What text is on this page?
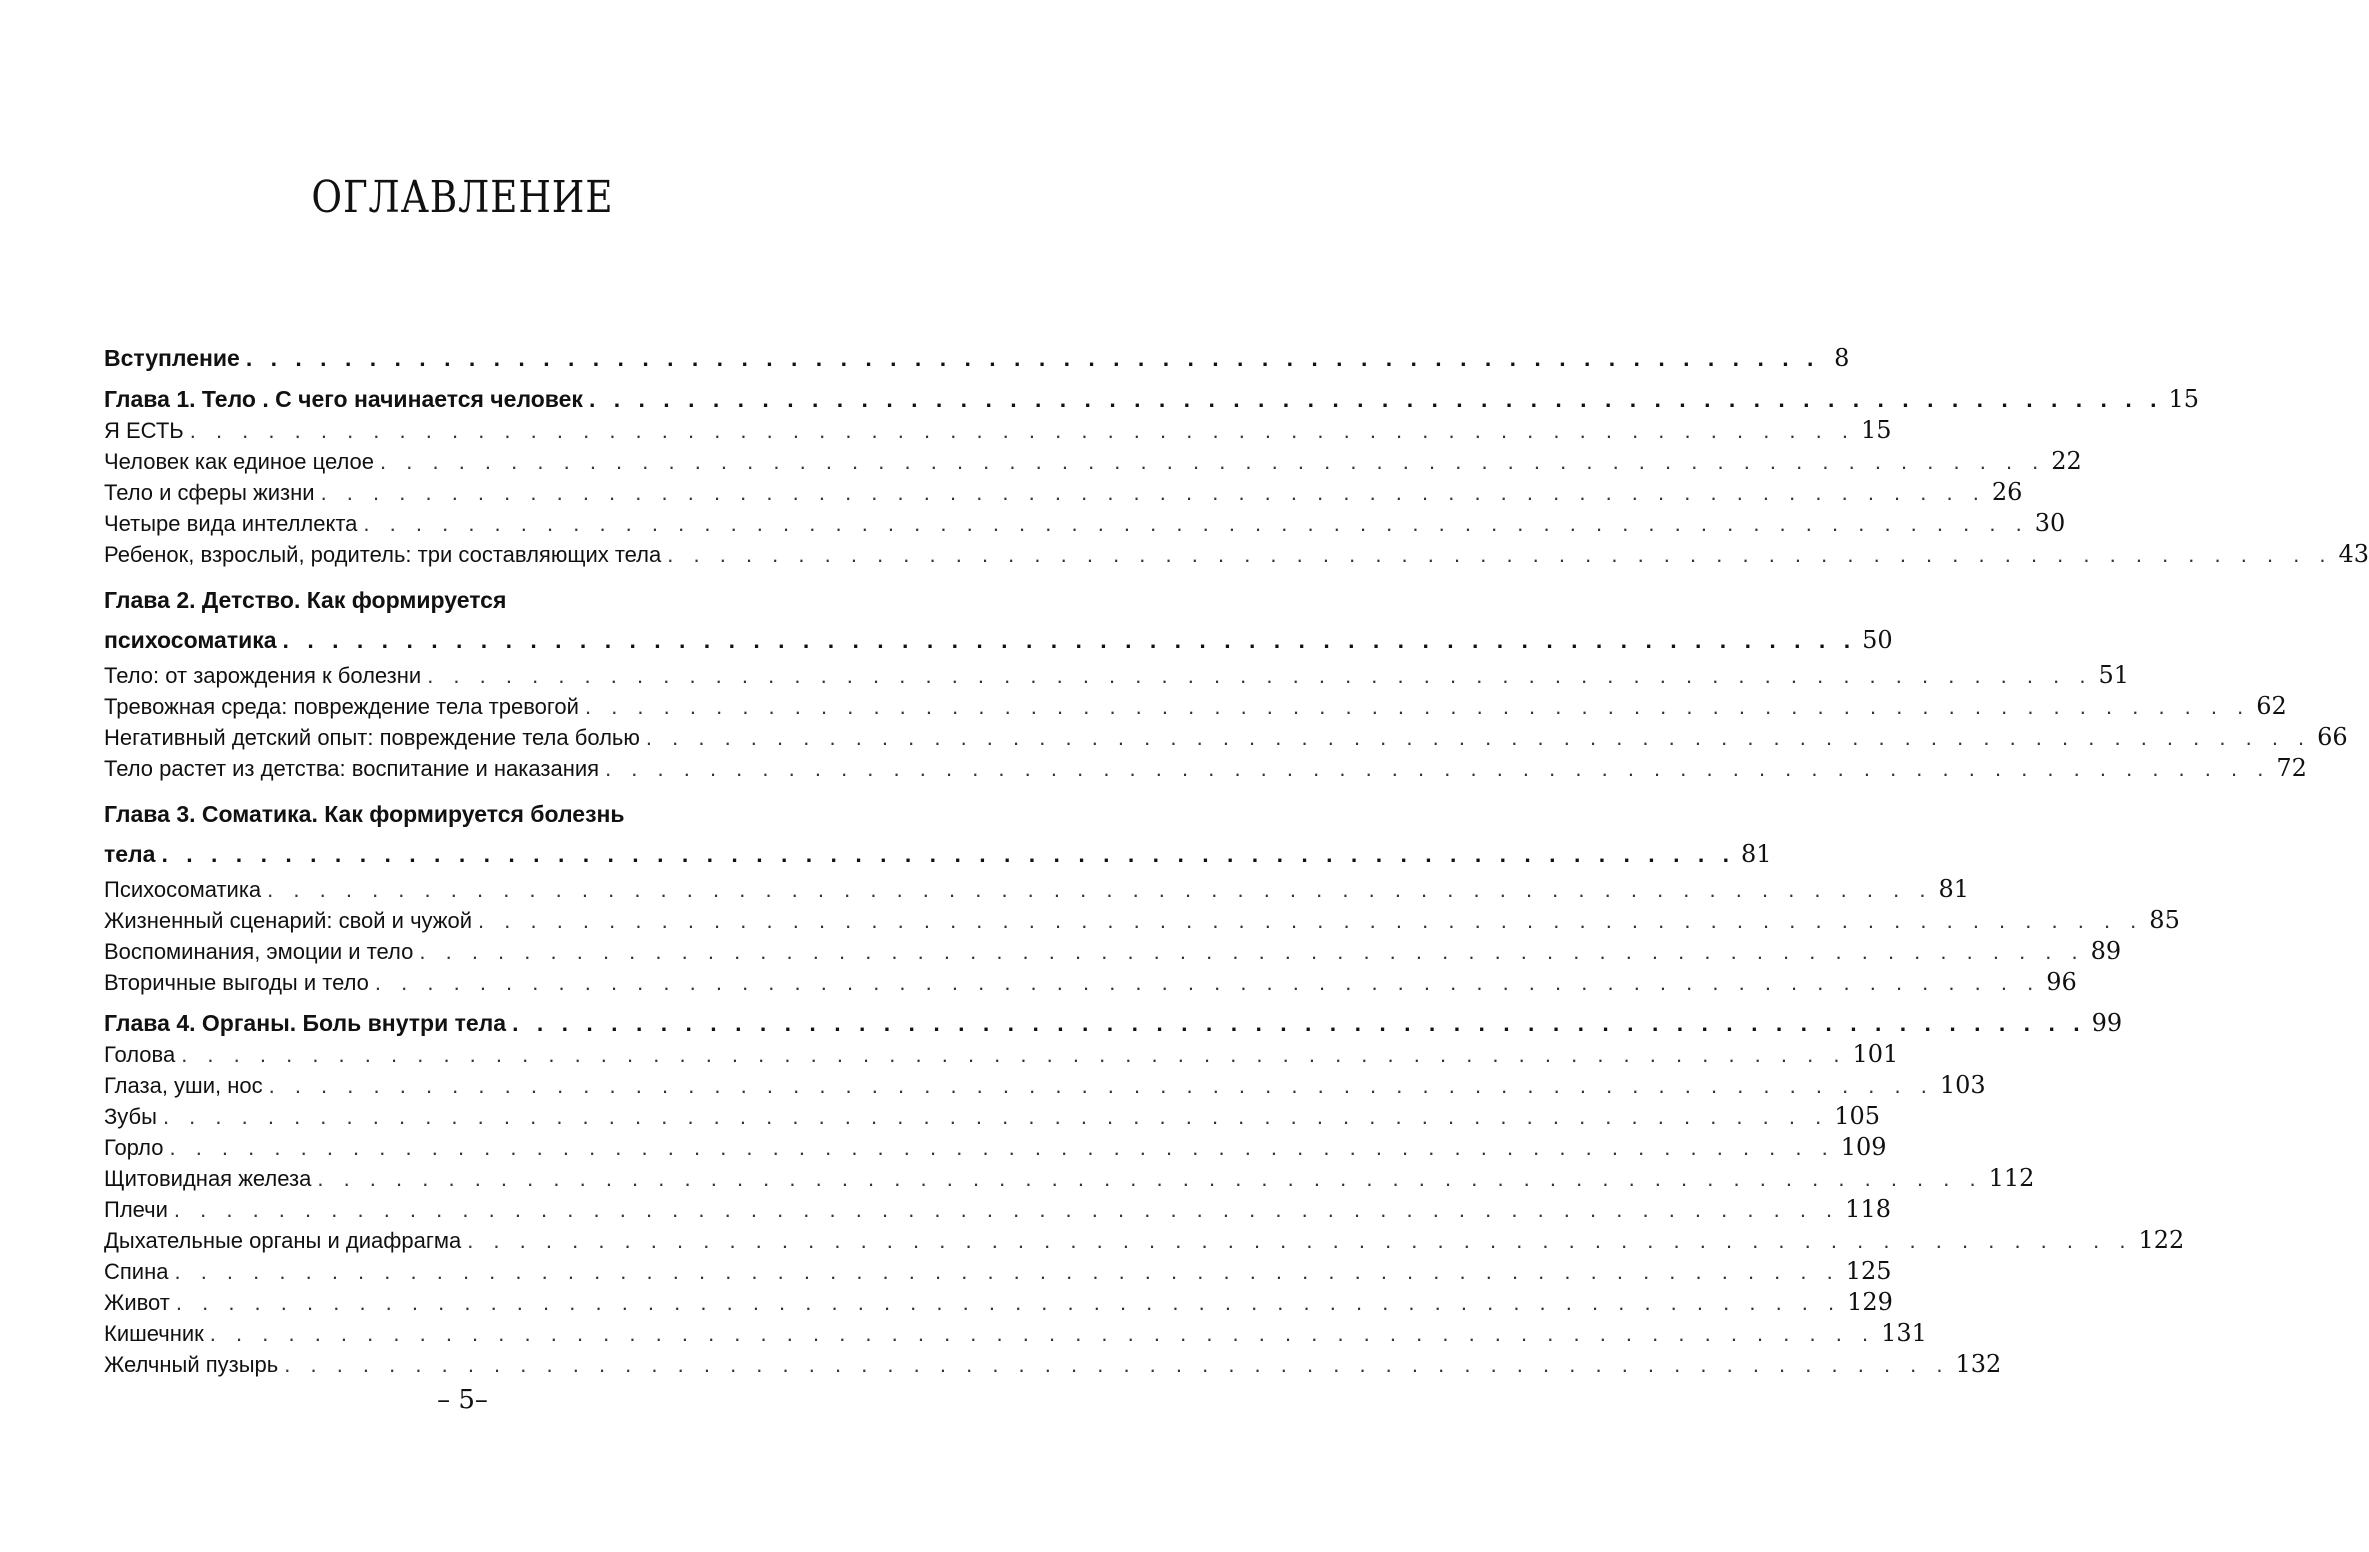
ОГЛАВЛЕНИЕ
Вступление . . . . . . . . . . . . . . . . . . . . . . . . . . . . . . . . . . . . . . . . . . . . . . . . . . . . . . . . . . . . . . . . 8
Глава 1. Тело . С чего начинается человек . . . . . . . . . . . . . . . . . . . . . . . . . . . . . . . . . . . . . . . . . . . . . . . . . . . . . . . . . . . . . . . . 15
Я ЕСТЬ . . . . . . . . . . . . . . . . . . . . . . . . . . . . . . . . . . . . . . . . . . . . . . . . . . . . . . . . . . . . . . . . 15
Человек как единое целое . . . . . . . . . . . . . . . . . . . . . . . . . . . . . . . . . . . . . . . . . . . . . . . . . . . . . . . . . . . . . . . . 22
Тело и сферы жизни . . . . . . . . . . . . . . . . . . . . . . . . . . . . . . . . . . . . . . . . . . . . . . . . . . . . . . . . . . . . . . . . 26
Четыре вида интеллекта . . . . . . . . . . . . . . . . . . . . . . . . . . . . . . . . . . . . . . . . . . . . . . . . . . . . . . . . . . . . . . . . 30
Ребенок, взрослый, родитель: три составляющих тела . . . . . . . . . . . . . . . . . . . . . . . . . . . . . . . . . . . . . . . . . . . . . . . . . . . . . . . . . . . . . . . . 43
Глава 2. Детство. Как формируется
психосоматика . . . . . . . . . . . . . . . . . . . . . . . . . . . . . . . . . . . . . . . . . . . . . . . . . . . . . . . . . . . . . . . . 50
Тело: от зарождения к болезни . . . . . . . . . . . . . . . . . . . . . . . . . . . . . . . . . . . . . . . . . . . . . . . . . . . . . . . . . . . . . . . . 51
Тревожная среда: повреждение тела тревогой . . . . . . . . . . . . . . . . . . . . . . . . . . . . . . . . . . . . . . . . . . . . . . . . . . . . . . . . . . . . . . . . 62
Негативный детский опыт: повреждение тела болью . . . . . . . . . . . . . . . . . . . . . . . . . . . . . . . . . . . . . . . . . . . . . . . . . . . . . . . . . . . . . . . . 66
Тело растет из детства: воспитание и наказания . . . . . . . . . . . . . . . . . . . . . . . . . . . . . . . . . . . . . . . . . . . . . . . . . . . . . . . . . . . . . . . . 72
Глава 3. Соматика. Как формируется болезнь
тела . . . . . . . . . . . . . . . . . . . . . . . . . . . . . . . . . . . . . . . . . . . . . . . . . . . . . . . . . . . . . . . . 81
Психосоматика . . . . . . . . . . . . . . . . . . . . . . . . . . . . . . . . . . . . . . . . . . . . . . . . . . . . . . . . . . . . . . . . 81
Жизненный сценарий: свой и чужой . . . . . . . . . . . . . . . . . . . . . . . . . . . . . . . . . . . . . . . . . . . . . . . . . . . . . . . . . . . . . . . . 85
Воспоминания, эмоции и тело . . . . . . . . . . . . . . . . . . . . . . . . . . . . . . . . . . . . . . . . . . . . . . . . . . . . . . . . . . . . . . . . 89
Вторичные выгоды и тело . . . . . . . . . . . . . . . . . . . . . . . . . . . . . . . . . . . . . . . . . . . . . . . . . . . . . . . . . . . . . . . . 96
Глава 4. Органы. Боль внутри тела . . . . . . . . . . . . . . . . . . . . . . . . . . . . . . . . . . . . . . . . . . . . . . . . . . . . . . . . . . . . . . . . 99
Голова . . . . . . . . . . . . . . . . . . . . . . . . . . . . . . . . . . . . . . . . . . . . . . . . . . . . . . . . . . . . . . . . 101
Глаза, уши, нос . . . . . . . . . . . . . . . . . . . . . . . . . . . . . . . . . . . . . . . . . . . . . . . . . . . . . . . . . . . . . . . . 103
Зубы . . . . . . . . . . . . . . . . . . . . . . . . . . . . . . . . . . . . . . . . . . . . . . . . . . . . . . . . . . . . . . . . 105
Горло . . . . . . . . . . . . . . . . . . . . . . . . . . . . . . . . . . . . . . . . . . . . . . . . . . . . . . . . . . . . . . . . 109
Щитовидная железа . . . . . . . . . . . . . . . . . . . . . . . . . . . . . . . . . . . . . . . . . . . . . . . . . . . . . . . . . . . . . . . . 112
Плечи . . . . . . . . . . . . . . . . . . . . . . . . . . . . . . . . . . . . . . . . . . . . . . . . . . . . . . . . . . . . . . . . 118
Дыхательные органы и диафрагма . . . . . . . . . . . . . . . . . . . . . . . . . . . . . . . . . . . . . . . . . . . . . . . . . . . . . . . . . . . . . . . . 122
Спина . . . . . . . . . . . . . . . . . . . . . . . . . . . . . . . . . . . . . . . . . . . . . . . . . . . . . . . . . . . . . . . . 125
Живот . . . . . . . . . . . . . . . . . . . . . . . . . . . . . . . . . . . . . . . . . . . . . . . . . . . . . . . . . . . . . . . . 129
Кишечник . . . . . . . . . . . . . . . . . . . . . . . . . . . . . . . . . . . . . . . . . . . . . . . . . . . . . . . . . . . . . . . . 131
Желчный пузырь . . . . . . . . . . . . . . . . . . . . . . . . . . . . . . . . . . . . . . . . . . . . . . . . . . . . . . . . . . . . . . . . 132
– 5–
